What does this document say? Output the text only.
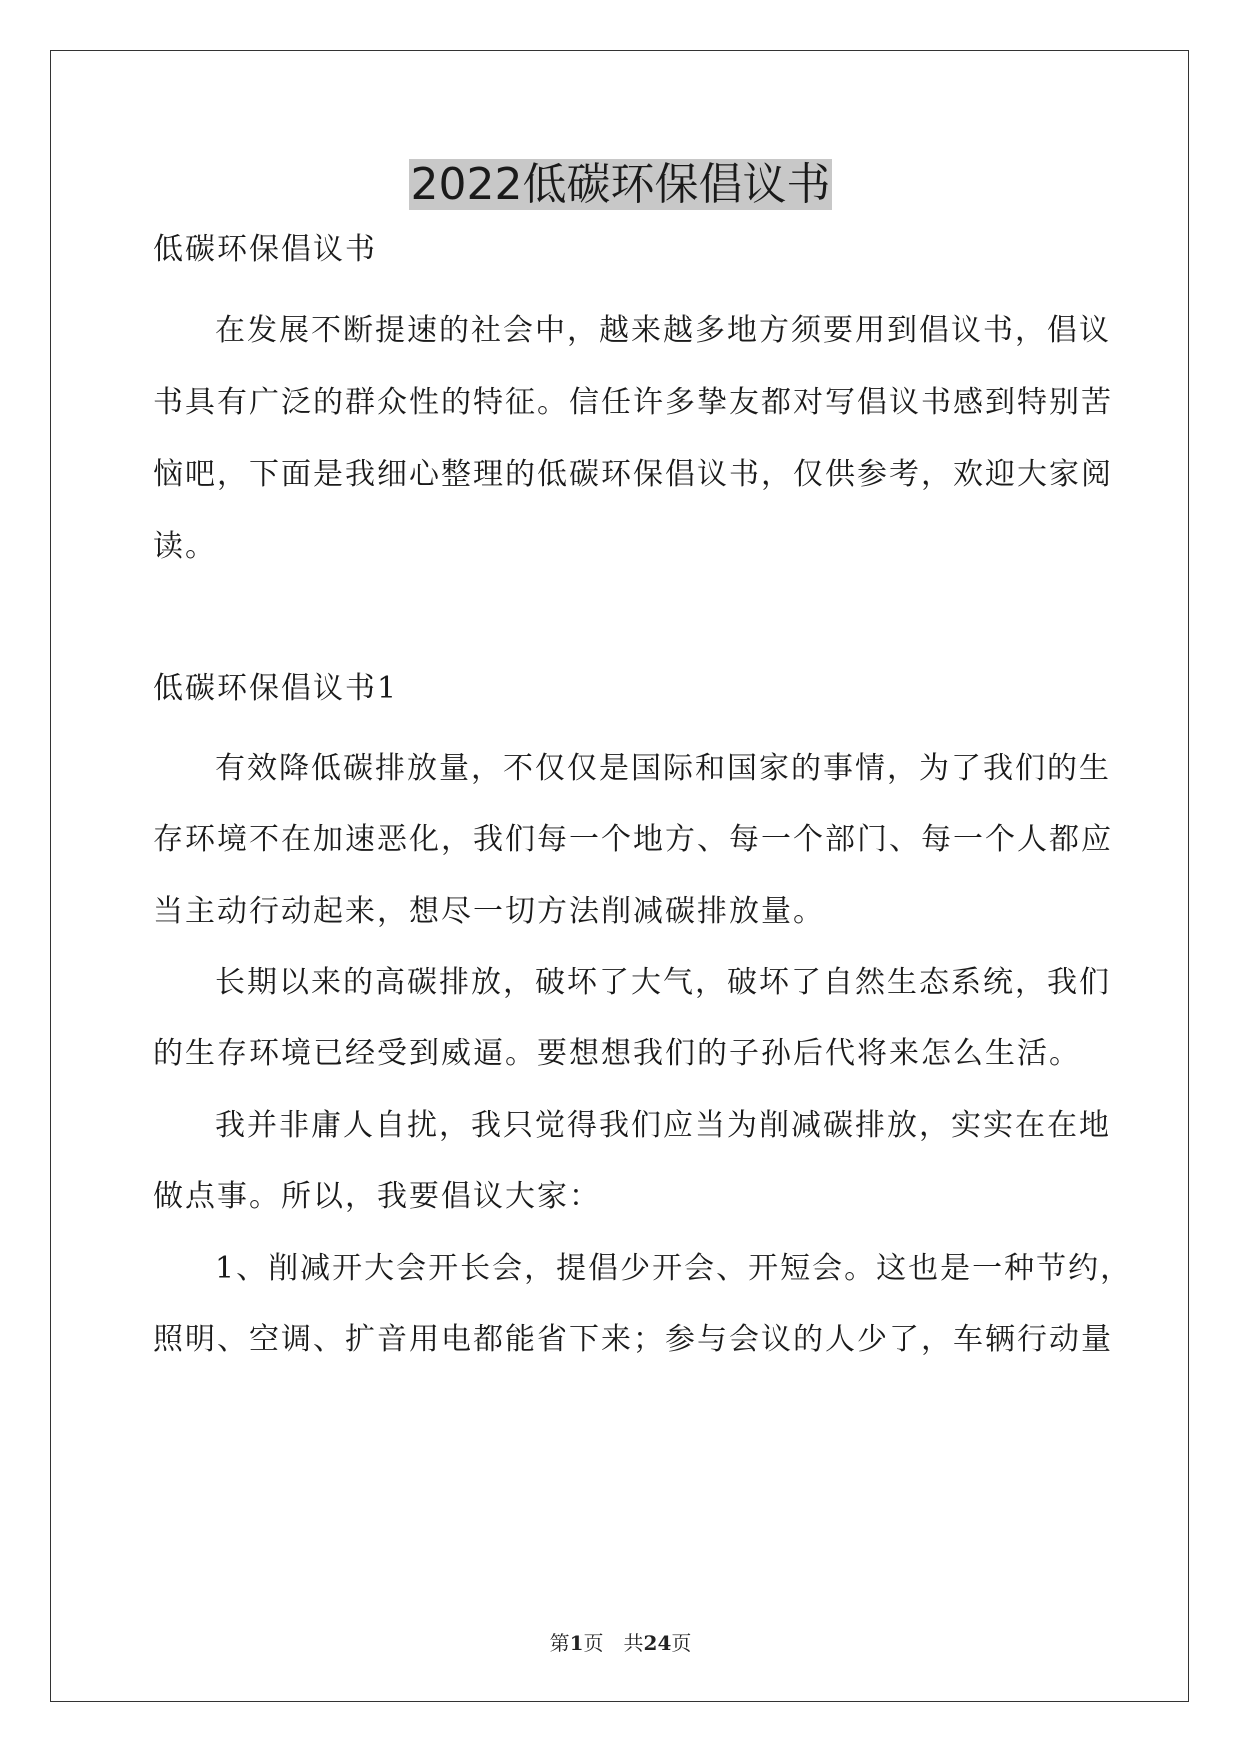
2022低碳环保倡议书
低碳环保倡议书
在发展不断提速的社会中，越来越多地方须要用到倡议书，倡议
书具有广泛的群众性的特征。信任许多挚友都对写倡议书感到特别苦
恼吧，下面是我细心整理的低碳环保倡议书，仅供参考，欢迎大家阅
读。
低碳环保倡议书1
有效降低碳排放量，不仅仅是国际和国家的事情，为了我们的生
存环境不在加速恶化，我们每一个地方、每一个部门、每一个人都应
当主动行动起来，想尽一切方法削减碳排放量。
长期以来的高碳排放，破坏了大气，破坏了自然生态系统，我们
的生存环境已经受到威逼。要想想我们的子孙后代将来怎么生活。
我并非庸人自扰，我只觉得我们应当为削减碳排放，实实在在地
做点事。所以，我要倡议大家：
1、削减开大会开长会，提倡少开会、开短会。这也是一种节约，
照明、空调、扩音用电都能省下来；参与会议的人少了，车辆行动量
第1页　共24页
